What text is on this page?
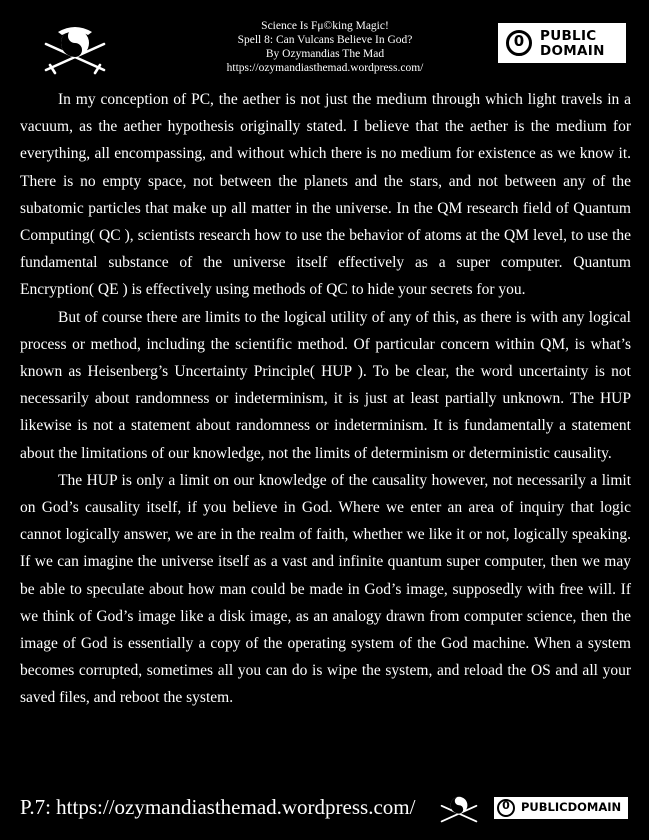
Science Is Fμ©king Magic!
Spell 8: Can Vulcans Believe In God?
By Ozymandias The Mad
https://ozymandiasthemad.wordpress.com/
0	PUBLIC
DOMAIN

In my conception of PC, the aether is not just the medium through which light travels in a vacuum, as the aether hypothesis originally stated. I believe that the aether is the medium for everything, all encompassing, and without which there is no medium for existence as we know it. There is no empty space, not between the planets and the stars, and not between any of the subatomic particles that make up all matter in the universe. In the QM research field of Quantum Computing( QC ), scientists research how to use the behavior of atoms at the QM level, to use the fundamental substance of the universe itself effectively as a super computer. Quantum Encryption( QE ) is effectively using methods of QC to hide your secrets for you.

But of course there are limits to the logical utility of any of this, as there is with any logical process or method, including the scientific method. Of particular concern within QM, is what’s known as Heisenberg’s Uncertainty Principle( HUP ). To be clear, the word uncertainty is not necessarily about randomness or indeterminism, it is just at least partially unknown. The HUP likewise is not a statement about randomness or indeterminism. It is fundamentally a statement about the limitations of our knowledge, not the limits of determinism or deterministic causality.

The HUP is only a limit on our knowledge of the causality however, not necessarily a limit on God’s causality itself, if you believe in God. Where we enter an area of inquiry that logic cannot logically answer, we are in the realm of faith, whether we like it or not, logically speaking. If we can imagine the universe itself as a vast and infinite quantum super computer, then we may be able to speculate about how man could be made in God’s image, supposedly with free will. If we think of God’s image like a disk image, as an analogy drawn from computer science, then the image of God is essentially a copy of the operating system of the God machine. When a system becomes corrupted, sometimes all you can do is wipe the system, and reload the OS and all your saved files, and reboot the system.

P.7: https://ozymandiasthemad.wordpress.com/	0 PUBLICDOMAIN
